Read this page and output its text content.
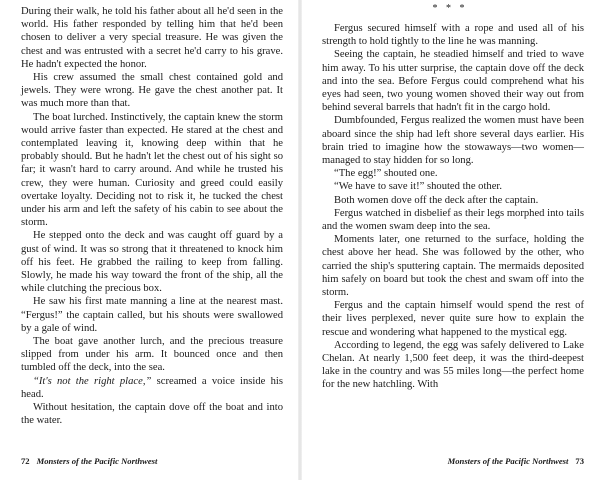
During their walk, he told his father about all he'd seen in the world. His father responded by telling him that he'd been chosen to deliver a very special treasure. He was given the chest and was entrusted with a secret he'd carry to his grave. He hadn't expected the honor.

His crew assumed the small chest contained gold and jewels. They were wrong. He gave the chest another pat. It was much more than that.

The boat lurched. Instinctively, the captain knew the storm would arrive faster than expected. He stared at the chest and contemplated leaving it, knowing deep within that he probably should. But he hadn't let the chest out of his sight so far; it wasn't hard to carry around. And while he trusted his crew, they were human. Curiosity and greed could easily overtake loyalty. Deciding not to risk it, he tucked the chest under his arm and left the safety of his cabin to see about the storm.

He stepped onto the deck and was caught off guard by a gust of wind. It was so strong that it threatened to knock him off his feet. He grabbed the railing to keep from falling. Slowly, he made his way toward the front of the ship, all the while clutching the precious box.

He saw his first mate manning a line at the nearest mast. “Fergus!” the captain called, but his shouts were swallowed by a gale of wind.

The boat gave another lurch, and the precious treasure slipped from under his arm. It bounced once and then tumbled off the deck, into the sea.

“It's not the right place,” screamed a voice inside his head.

Without hesitation, the captain dove off the boat and into the water.

72 Monsters of the Pacific Northwest
* * *

Fergus secured himself with a rope and used all of his strength to hold tightly to the line he was manning.

Seeing the captain, he steadied himself and tried to wave him away. To his utter surprise, the captain dove off the deck and into the sea. Before Fergus could comprehend what his eyes had seen, two young women shoved their way out from behind several barrels that hadn't fit in the cargo hold.

Dumbfounded, Fergus realized the women must have been aboard since the ship had left shore several days earlier. His brain tried to imagine how the stowaways—two women—managed to stay hidden for so long.

“The egg!” shouted one.

“We have to save it!” shouted the other.

Both women dove off the deck after the captain.

Fergus watched in disbelief as their legs morphed into tails and the women swam deep into the sea.

Moments later, one returned to the surface, holding the chest above her head. She was followed by the other, who carried the ship's sputtering captain. The mermaids deposited him safely on board but took the chest and swam off into the storm.

Fergus and the captain himself would spend the rest of their lives perplexed, never quite sure how to explain the rescue and wondering what happened to the mystical egg.

According to legend, the egg was safely delivered to Lake Chelan. At nearly 1,500 feet deep, it was the third-deepest lake in the country and was 55 miles long—the perfect home for the new hatchling. With

Monsters of the Pacific Northwest 73
